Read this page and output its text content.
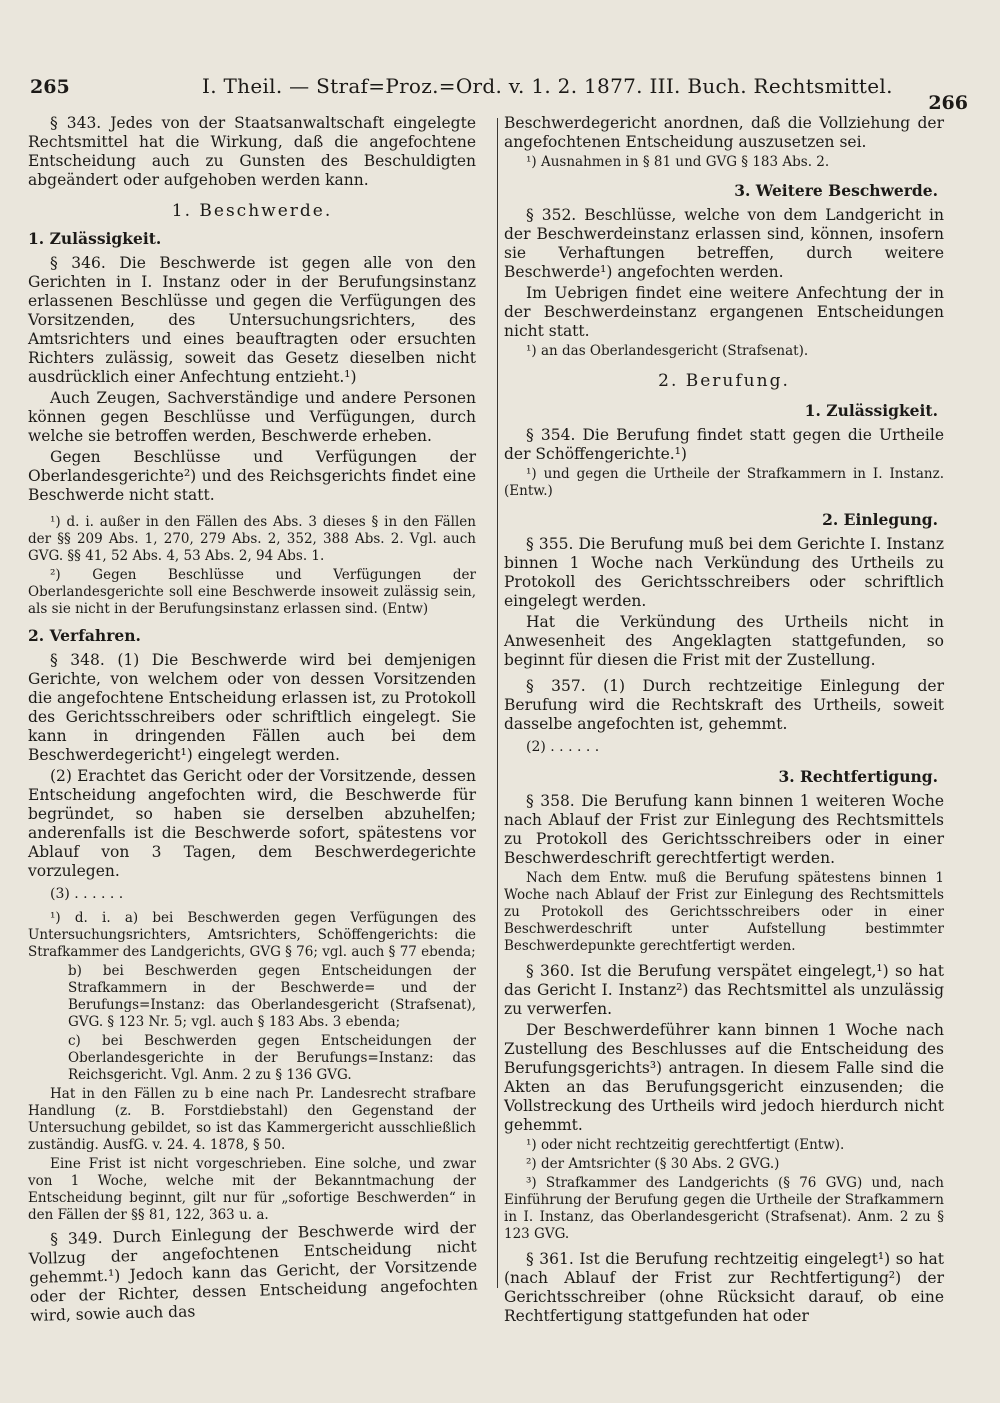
265	I. Theil. — Straf=Proz.=Ord. v. 1. 2. 1877. III. Buch. Rechtsmittel.
266

§ 343. Jedes von der Staatsanwaltschaft eingelegte Rechtsmittel hat die Wirkung, daß die angefochtene Entscheidung auch zu Gunsten des Beschuldigten abgeändert oder aufgehoben werden kann.

1. Beschwerde.
1. Zulässigkeit.

§ 346. Die Beschwerde ist gegen alle von den Gerichten in I. Instanz oder in der Berufungsinstanz erlassenen Beschlüsse und gegen die Verfügungen des Vorsitzenden, des Untersuchungsrichters, des Amtsrichters und eines beauftragten oder ersuchten Richters zulässig, soweit das Gesetz dieselben nicht ausdrücklich einer Anfechtung entzieht.¹)

Auch Zeugen, Sachverständige und andere Personen können gegen Beschlüsse und Verfügungen, durch welche sie betroffen werden, Beschwerde erheben.

Gegen Beschlüsse und Verfügungen der Oberlandesgerichte²) und des Reichsgerichts findet eine Beschwerde nicht statt.

¹) d. i. außer in den Fällen des Abs. 3 dieses § in den Fällen der §§ 209 Abs. 1, 270, 279 Abs. 2, 352, 388 Abs. 2. Vgl. auch GVG. §§ 41, 52 Abs. 4, 53 Abs. 2, 94 Abs. 1.

²) Gegen Beschlüsse und Verfügungen der Oberlandesgerichte soll eine Beschwerde insoweit zulässig sein, als sie nicht in der Berufungsinstanz erlassen sind. (Entw)

2. Verfahren.

§ 348. (1) Die Beschwerde wird bei demjenigen Gerichte, von welchem oder von dessen Vorsitzenden die angefochtene Entscheidung erlassen ist, zu Protokoll des Gerichtsschreibers oder schriftlich eingelegt. Sie kann in dringenden Fällen auch bei dem Beschwerdegericht¹) eingelegt werden.

(2) Erachtet das Gericht oder der Vorsitzende, dessen Entscheidung angefochten wird, die Beschwerde für begründet, so haben sie derselben abzuhelfen; anderenfalls ist die Beschwerde sofort, spätestens vor Ablauf von 3 Tagen, dem Beschwerdegerichte vorzulegen.

(3) . . . . . .

¹) d. i. a) bei Beschwerden gegen Verfügungen des Untersuchungsrichters, Amtsrichters, Schöffengerichts: die Strafkammer des Landgerichts, GVG § 76; vgl. auch § 77 ebenda;

b) bei Beschwerden gegen Entscheidungen der Strafkammern in der Beschwerde= und der Berufungs=Instanz: das Oberlandesgericht (Strafsenat), GVG. § 123 Nr. 5; vgl. auch § 183 Abs. 3 ebenda;

c) bei Beschwerden gegen Entscheidungen der Oberlandesgerichte in der Berufungs=Instanz: das Reichsgericht. Vgl. Anm. 2 zu § 136 GVG.

Hat in den Fällen zu b eine nach Pr. Landesrecht strafbare Handlung (z. B. Forstdiebstahl) den Gegenstand der Untersuchung gebildet, so ist das Kammergericht ausschließlich zuständig. AusfG. v. 24. 4. 1878, § 50.

Eine Frist ist nicht vorgeschrieben. Eine solche, und zwar von 1 Woche, welche mit der Bekanntmachung der Entscheidung beginnt, gilt nur für „sofortige Beschwerden“ in den Fällen der §§ 81, 122, 363 u. a.

§ 349. Durch Einlegung der Beschwerde wird der Vollzug der angefochtenen Entscheidung nicht gehemmt.¹) Jedoch kann das Gericht, der Vorsitzende oder der Richter, dessen Entscheidung angefochten wird, sowie auch das

Beschwerdegericht anordnen, daß die Vollziehung der angefochtenen Entscheidung auszusetzen sei.

¹) Ausnahmen in § 81 und GVG § 183 Abs. 2.

3. Weitere Beschwerde.

§ 352. Beschlüsse, welche von dem Landgericht in der Beschwerdeinstanz erlassen sind, können, insofern sie Verhaftungen betreffen, durch weitere Beschwerde¹) angefochten werden.

Im Uebrigen findet eine weitere Anfechtung der in der Beschwerdeinstanz ergangenen Entscheidungen nicht statt.

¹) an das Oberlandesgericht (Strafsenat).

2. Berufung.
1. Zulässigkeit.

§ 354. Die Berufung findet statt gegen die Urtheile der Schöffengerichte.¹)

¹) und gegen die Urtheile der Strafkammern in I. Instanz. (Entw.)

2. Einlegung.

§ 355. Die Berufung muß bei dem Gerichte I. Instanz binnen 1 Woche nach Verkündung des Urtheils zu Protokoll des Gerichtsschreibers oder schriftlich eingelegt werden.

Hat die Verkündung des Urtheils nicht in Anwesenheit des Angeklagten stattgefunden, so beginnt für diesen die Frist mit der Zustellung.

§ 357. (1) Durch rechtzeitige Einlegung der Berufung wird die Rechtskraft des Urtheils, soweit dasselbe angefochten ist, gehemmt.

(2) . . . . . .

3. Rechtfertigung.

§ 358. Die Berufung kann binnen 1 weiteren Woche nach Ablauf der Frist zur Einlegung des Rechtsmittels zu Protokoll des Gerichtsschreibers oder in einer Beschwerdeschrift gerechtfertigt werden.

Nach dem Entw. muß die Berufung spätestens binnen 1 Woche nach Ablauf der Frist zur Einlegung des Rechtsmittels zu Protokoll des Gerichtsschreibers oder in einer Beschwerdeschrift unter Aufstellung bestimmter Beschwerdepunkte gerechtfertigt werden.

§ 360. Ist die Berufung verspätet eingelegt,¹) so hat das Gericht I. Instanz²) das Rechtsmittel als unzulässig zu verwerfen.

Der Beschwerdeführer kann binnen 1 Woche nach Zustellung des Beschlusses auf die Entscheidung des Berufungsgerichts³) antragen. In diesem Falle sind die Akten an das Berufungsgericht einzusenden; die Vollstreckung des Urtheils wird jedoch hierdurch nicht gehemmt.

¹) oder nicht rechtzeitig gerechtfertigt (Entw).

²) der Amtsrichter (§ 30 Abs. 2 GVG.)

³) Strafkammer des Landgerichts (§ 76 GVG) und, nach Einführung der Berufung gegen die Urtheile der Strafkammern in I. Instanz, das Oberlandesgericht (Strafsenat). Anm. 2 zu § 123 GVG.

§ 361. Ist die Berufung rechtzeitig eingelegt¹) so hat (nach Ablauf der Frist zur Rechtfertigung²) der Gerichtsschreiber (ohne Rücksicht darauf, ob eine Rechtfertigung stattgefunden hat oder
